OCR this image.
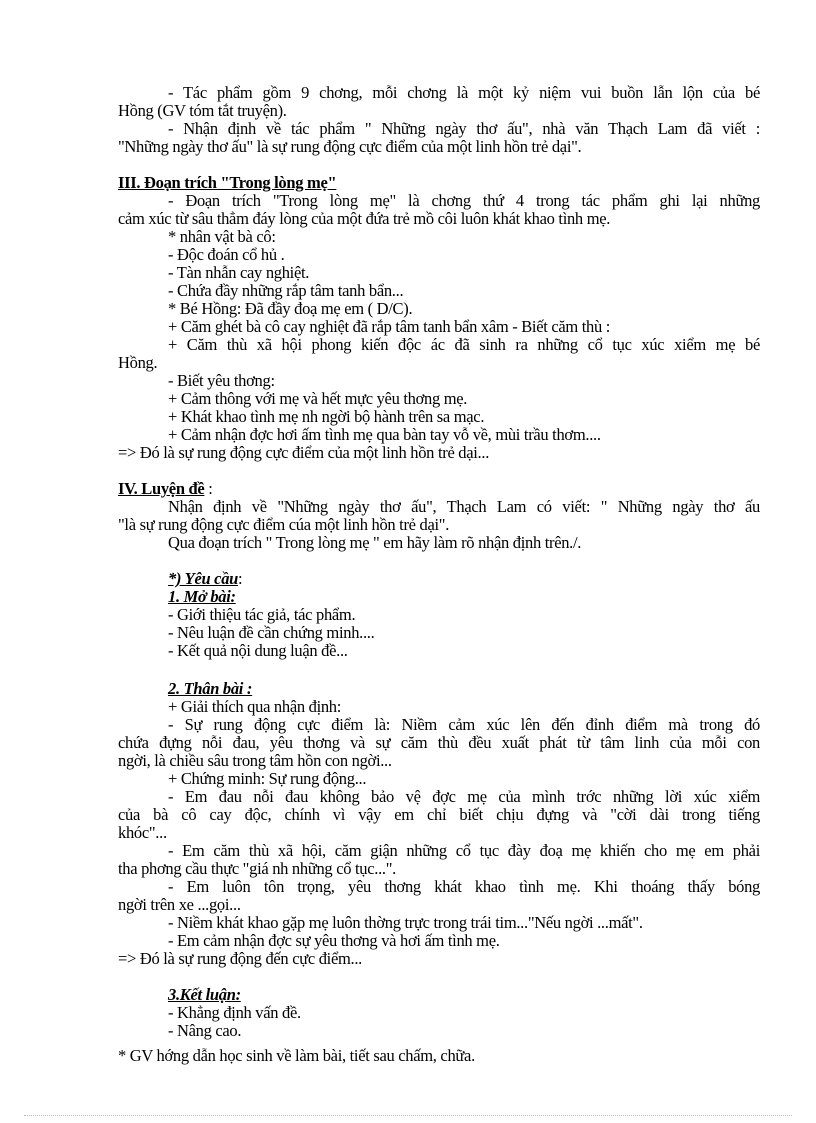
- Tác phẩm gồm 9 chơng, mỗi chơng là một kỷ niệm vui buồn lẫn lộn của bé
Hồng (GV tóm tắt truyện).
- Nhận định về tác phẩm " Những ngày thơ ấu", nhà văn Thạch Lam đã viết :
"Những ngày thơ ấu" là sự rung động cực điểm của một linh hồn trẻ dại".
III. Đoạn trích "Trong lòng mẹ"
- Đoạn trích "Trong lòng mẹ" là chơng thứ 4 trong tác phẩm ghi lại những
cảm xúc từ sâu thẳm đáy lòng của một đứa trẻ mồ côi luôn khát khao tình mẹ.
* nhân vật bà cô:
- Độc đoán cổ hủ .
- Tàn nhẫn cay nghiệt.
- Chứa đầy những rắp tâm tanh bẩn...
* Bé Hồng: Đã đầy đoạ mẹ em ( D/C).
+ Căm ghét bà cô cay nghiệt đã rắp tâm tanh bẩn xâm - Biết căm thù :
+ Căm thù xã hội phong kiến độc ác đã sinh ra những cổ tục xúc xiểm mẹ bé
Hồng.
- Biết yêu thơng:
+ Cảm thông với mẹ và hết mực yêu thơng mẹ.
+ Khát khao tình mẹ nh ngời bộ hành trên sa mạc.
+ Cảm nhận đợc hơi ấm tình mẹ qua bàn tay vỗ về, mùi trầu thơm....
=> Đó là sự rung động cực điểm của một linh hồn trẻ dại...
IV. Luyện đề :
Nhận định về "Những ngày thơ ấu", Thạch Lam có viết: " Những ngày thơ ấu
"là sự rung động cực điểm cúa một linh hồn trẻ dại".
Qua đoạn trích " Trong lòng mẹ " em hãy làm rõ nhận định trên./.
*) Yêu cầu:
1. Mở bài:
- Giới thiệu tác giả, tác phẩm.
- Nêu luận đề cần chứng minh....
- Kết quả nội dung luận đề...
2. Thân bài :
+ Giải thích qua nhận định:
- Sự rung động cực điểm là: Niềm cảm xúc lên đến đỉnh điểm mà trong đó
chứa đựng nỗi đau, yêu thơng và sự căm thù đều xuất phát từ tâm linh của mỗi con
ngời, là chiều sâu trong tâm hồn con ngời...
+ Chứng minh: Sự rung động...
- Em đau nỗi đau không bảo vệ đợc mẹ của mình trớc những lời xúc xiểm
của bà cô cay độc, chính vì vậy em chỉ biết chịu đựng và "cời dài trong tiếng
khóc"...
- Em căm thù xã hội, căm giận những cổ tục đày đoạ mẹ khiến cho mẹ em phải
tha phơng cầu thực "giá nh những cổ tục...".
- Em luôn tôn trọng, yêu thơng khát khao tình mẹ. Khi thoáng thấy bóng
ngời trên xe ...gọi...
- Niềm khát khao gặp mẹ luôn thờng trực trong trái tim..."Nếu ngời ...mất".
- Em cảm nhận đợc sự yêu thơng và hơi ấm tình mẹ.
=> Đó là sự rung động đến cực điểm...
3.Kết luận:
- Khẳng định vấn đề.
- Nâng cao.
* GV hớng dẫn học sinh về làm bài, tiết sau chấm, chữa.
